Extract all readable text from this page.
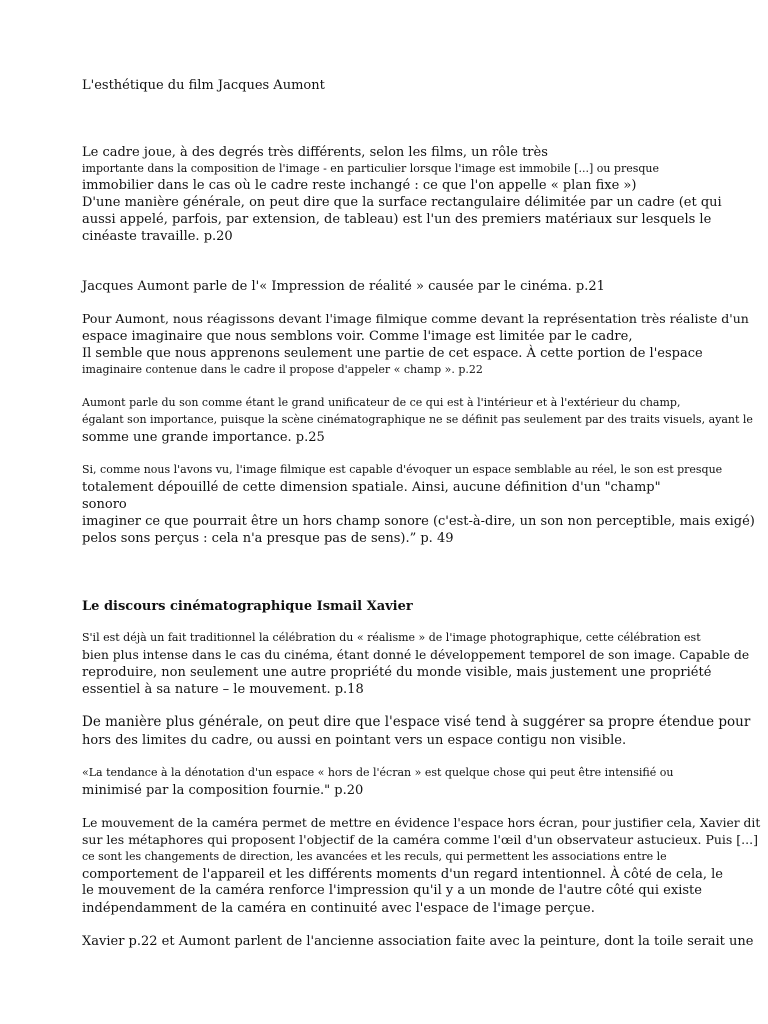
L'esthétique du film Jacques Aumont
Le cadre joue, à des degrés très différents, selon les films, un rôle très
importante dans la composition de l'image - en particulier lorsque l'image est immobile [...] ou presque
immobilier dans le cas où le cadre reste inchangé : ce que l'on appelle « plan fixe »)
D'une manière générale, on peut dire que la surface rectangulaire délimitée par un cadre (et qui
aussi appelé, parfois, par extension, de tableau) est l'un des premiers matériaux sur lesquels le
cinéaste travaille. p.20
Jacques Aumont parle de l'« Impression de réalité » causée par le cinéma. p.21
Pour Aumont, nous réagissons devant l'image filmique comme devant la représentation très réaliste d'un
espace imaginaire que nous semblons voir. Comme l'image est limitée par le cadre,
Il semble que nous apprenons seulement une partie de cet espace. À cette portion de l'espace
imaginaire contenue dans le cadre il propose d'appeler « champ ». p.22
Aumont parle du son comme étant le grand unificateur de ce qui est à l'intérieur et à l'extérieur du champ,
égalant son importance, puisque la scène cinématographique ne se définit pas seulement par des traits visuels, ayant le
somme une grande importance. p.25
Si, comme nous l'avons vu, l'image filmique est capable d'évoquer un espace semblable au réel, le son est presque
totalement dépouillé de cette dimension spatiale. Ainsi, aucune définition d'un "champ"
sonoro
imaginer ce que pourrait être un hors champ sonore (c'est-à-dire, un son non perceptible, mais exigé)
pelos sons perçus : cela n'a presque pas de sens).” p. 49
Le discours cinématographique Ismail Xavier
S'il est déjà un fait traditionnel la célébration du « réalisme » de l'image photographique, cette célébration est
bien plus intense dans le cas du cinéma, étant donné le développement temporel de son image. Capable de
reproduire, non seulement une autre propriété du monde visible, mais justement une propriété
essentiel à sa nature – le mouvement. p.18
De manière plus générale, on peut dire que l'espace visé tend à suggérer sa propre étendue pour
hors des limites du cadre, ou aussi en pointant vers un espace contigu non visible.
«La tendance à la dénotation d'un espace « hors de l'écran » est quelque chose qui peut être intensifié ou
minimisé par la composition fournie." p.20
Le mouvement de la caméra permet de mettre en évidence l'espace hors écran, pour justifier cela, Xavier dit
sur les métaphores qui proposent l'objectif de la caméra comme l'œil d'un observateur astucieux. Puis [...]
ce sont les changements de direction, les avancées et les reculs, qui permettent les associations entre le
comportement de l'appareil et les différents moments d'un regard intentionnel. À côté de cela, le
le mouvement de la caméra renforce l'impression qu'il y a un monde de l'autre côté qui existe
indépendamment de la caméra en continuité avec l'espace de l'image perçue.
Xavier p.22 et Aumont parlent de l'ancienne association faite avec la peinture, dont la toile serait une
